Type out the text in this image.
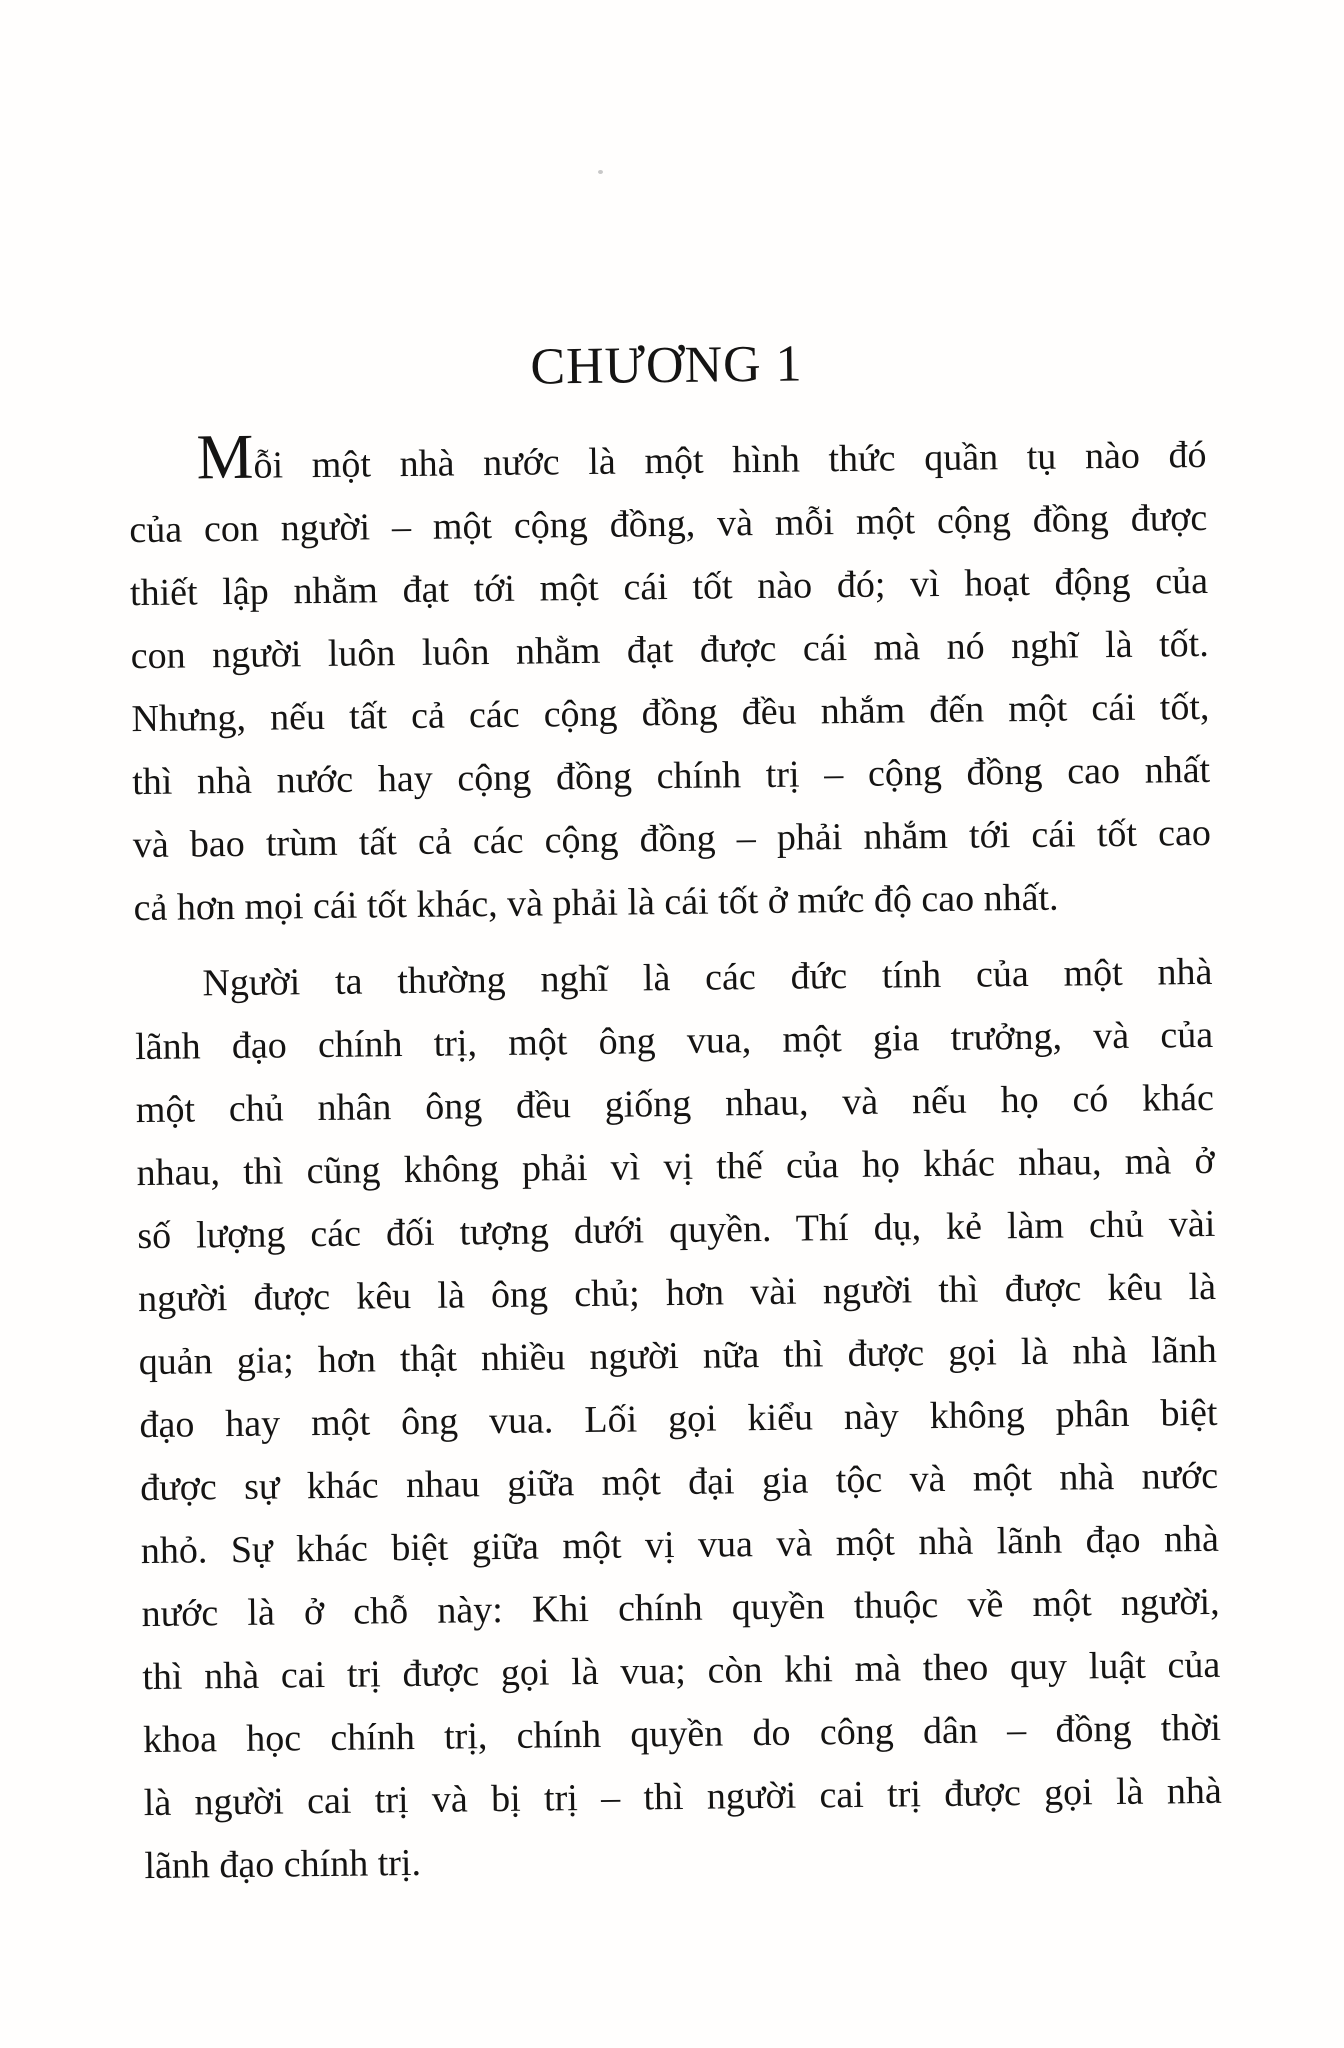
CHƯƠNG 1
Mỗi một nhà nước là một hình thức quần tụ nào đó
của con người – một cộng đồng, và mỗi một cộng đồng được
thiết lập nhằm đạt tới một cái tốt nào đó; vì hoạt động của
con người luôn luôn nhằm đạt được cái mà nó nghĩ là tốt.
Nhưng, nếu tất cả các cộng đồng đều nhắm đến một cái tốt,
thì nhà nước hay cộng đồng chính trị – cộng đồng cao nhất
và bao trùm tất cả các cộng đồng – phải nhắm tới cái tốt cao
cả hơn mọi cái tốt khác, và phải là cái tốt ở mức độ cao nhất.
Người ta thường nghĩ là các đức tính của một nhà
lãnh đạo chính trị, một ông vua, một gia trưởng, và của
một chủ nhân ông đều giống nhau, và nếu họ có khác
nhau, thì cũng không phải vì vị thế của họ khác nhau, mà ở
số lượng các đối tượng dưới quyền. Thí dụ, kẻ làm chủ vài
người được kêu là ông chủ; hơn vài người thì được kêu là
quản gia; hơn thật nhiều người nữa thì được gọi là nhà lãnh
đạo hay một ông vua. Lối gọi kiểu này không phân biệt
được sự khác nhau giữa một đại gia tộc và một nhà nước
nhỏ. Sự khác biệt giữa một vị vua và một nhà lãnh đạo nhà
nước là ở chỗ này: Khi chính quyền thuộc về một người,
thì nhà cai trị được gọi là vua; còn khi mà theo quy luật của
khoa học chính trị, chính quyền do công dân – đồng thời
là người cai trị và bị trị – thì người cai trị được gọi là nhà
lãnh đạo chính trị.
